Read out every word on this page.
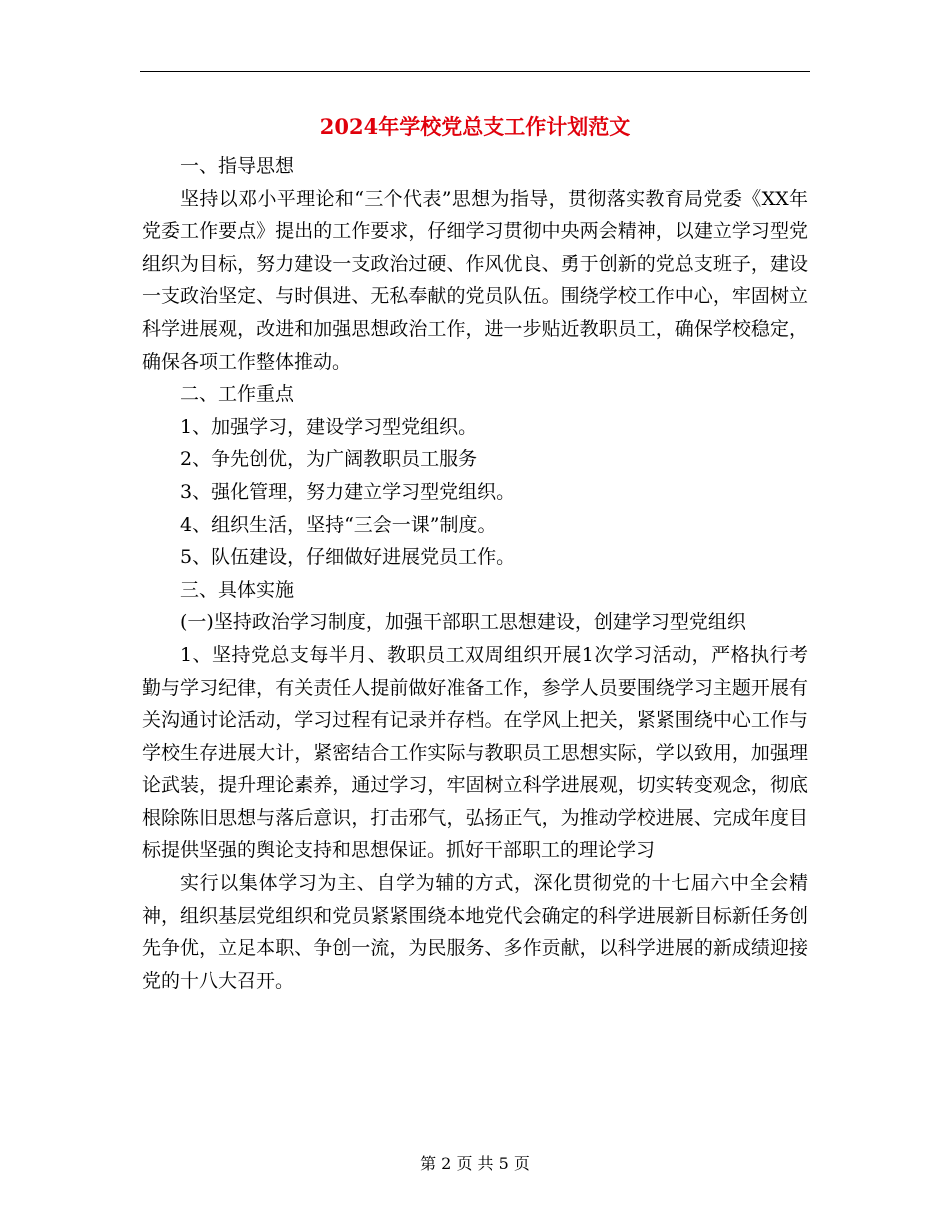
2024年学校党总支工作计划范文

一、指导思想

坚持以邓小平理论和“三个代表”思想为指导，贯彻落实教育局党委《XX年党委工作要点》提出的工作要求，仔细学习贯彻中央两会精神，以建立学习型党组织为目标，努力建设一支政治过硬、作风优良、勇于创新的党总支班子，建设一支政治坚定、与时俱进、无私奉献的党员队伍。围绕学校工作中心，牢固树立科学进展观，改进和加强思想政治工作，进一步贴近教职员工，确保学校稳定，确保各项工作整体推动。

二、工作重点

1、加强学习，建设学习型党组织。

2、争先创优，为广阔教职员工服务

3、强化管理，努力建立学习型党组织。

4、组织生活，坚持“三会一课”制度。

5、队伍建设，仔细做好进展党员工作。

三、具体实施

(一)坚持政治学习制度，加强干部职工思想建设，创建学习型党组织

1、坚持党总支每半月、教职员工双周组织开展1次学习活动，严格执行考勤与学习纪律，有关责任人提前做好准备工作，参学人员要围绕学习主题开展有关沟通讨论活动，学习过程有记录并存档。在学风上把关，紧紧围绕中心工作与学校生存进展大计，紧密结合工作实际与教职员工思想实际，学以致用，加强理论武装，提升理论素养，通过学习，牢固树立科学进展观，切实转变观念，彻底根除陈旧思想与落后意识，打击邪气，弘扬正气，为推动学校进展、完成年度目标提供坚强的舆论支持和思想保证。抓好干部职工的理论学习

实行以集体学习为主、自学为辅的方式，深化贯彻党的十七届六中全会精神，组织基层党组织和党员紧紧围绕本地党代会确定的科学进展新目标新任务创先争优，立足本职、争创一流，为民服务、多作贡献，以科学进展的新成绩迎接党的十八大召开。

第 2 页 共 5 页
